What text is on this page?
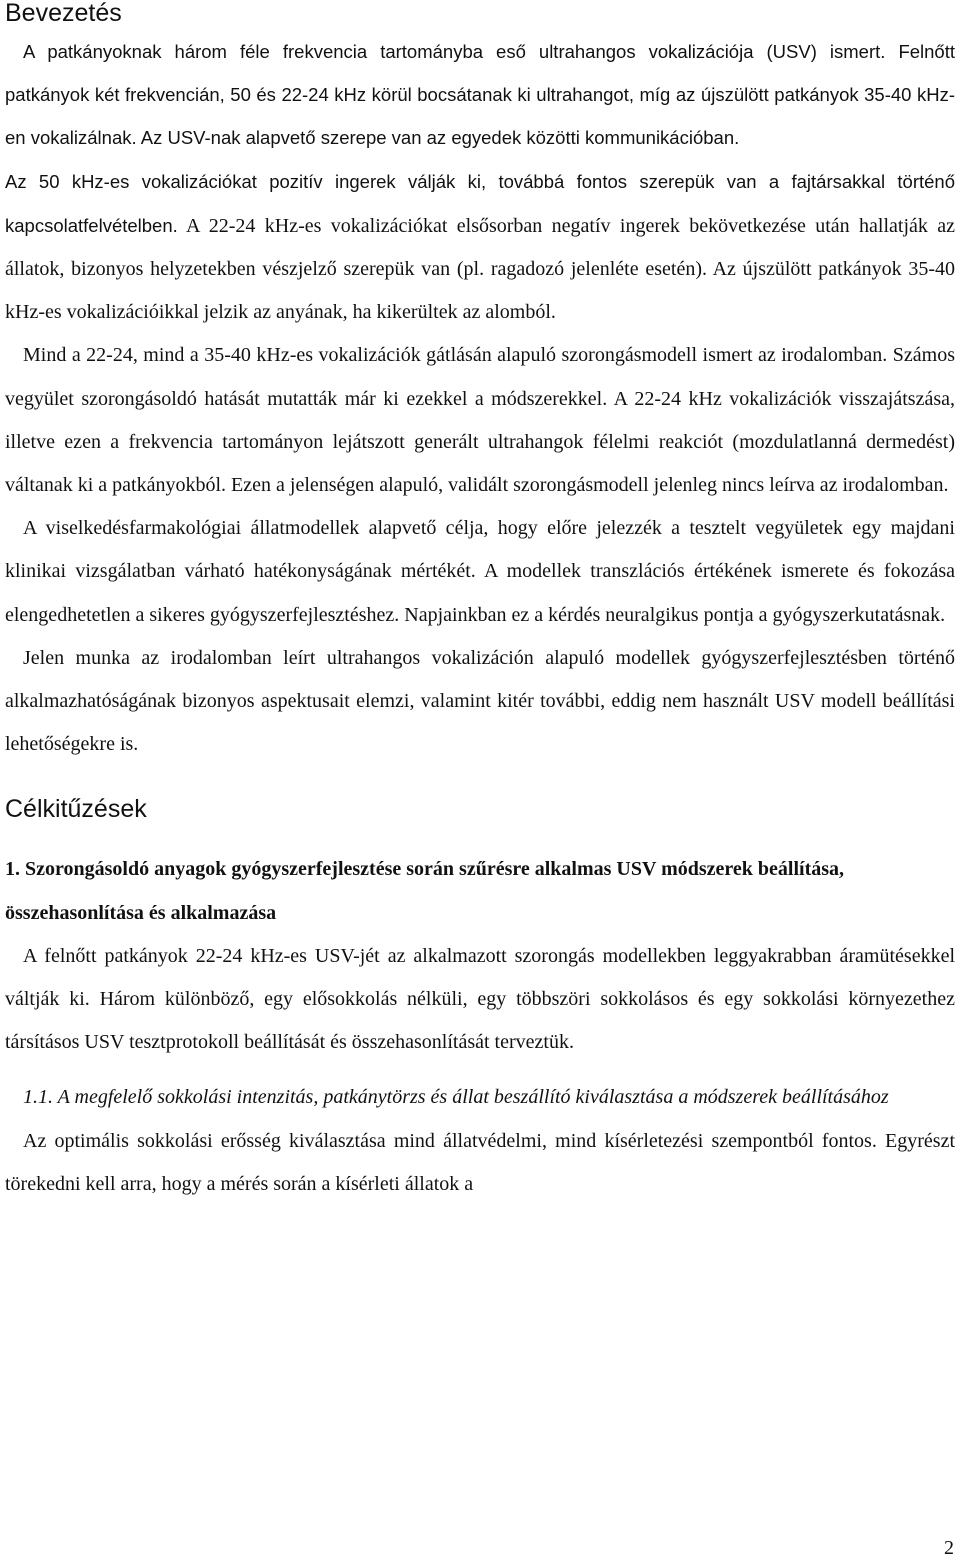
Bevezetés

A patkányoknak három féle frekvencia tartományba eső ultrahangos vokalizációja (USV) ismert. Felnőtt patkányok két frekvencián, 50 és 22-24 kHz körül bocsátanak ki ultrahangot, míg az újszülött patkányok 35-40 kHz-en vokalizálnak. Az USV-nak alapvető szerepe van az egyedek közötti kommunikációban.

Az 50 kHz-es vokalizációkat pozitív ingerek válják ki, továbbá fontos szerepük van a fajtársakkal történő kapcsolatfelvételben. A 22-24 kHz-es vokalizációkat elsősorban negatív ingerek bekövetkezése után hallatják az állatok, bizonyos helyzetekben vészjelző szerepük van (pl. ragadozó jelenléte esetén). Az újszülött patkányok 35-40 kHz-es vokalizációikkal jelzik az anyának, ha kikerültek az alomból.

Mind a 22-24, mind a 35-40 kHz-es vokalizációk gátlásán alapuló szorongásmodell ismert az irodalomban. Számos vegyület szorongásoldó hatását mutatták már ki ezekkel a módszerekkel. A 22-24 kHz vokalizációk visszajátszása, illetve ezen a frekvencia tartományon lejátszott generált ultrahangok félelmi reakciót (mozdulatlanná dermedést) váltanak ki a patkányokból. Ezen a jelenségen alapuló, validált szorongásmodell jelenleg nincs leírva az irodalomban.

A viselkedésfarmakológiai állatmodellek alapvető célja, hogy előre jelezzék a tesztelt vegyületek egy majdani klinikai vizsgálatban várható hatékonyságának mértékét. A modellek transzlációs értékének ismerete és fokozása elengedhetetlen a sikeres gyógyszerfejlesztéshez. Napjainkban ez a kérdés neuralgikus pontja a gyógyszerkutatásnak.

Jelen munka az irodalomban leírt ultrahangos vokalizáción alapuló modellek gyógyszerfejlesztésben történő alkalmazhatóságának bizonyos aspektusait elemzi, valamint kitér további, eddig nem használt USV modell beállítási lehetőségekre is.

Célkitűzések

1. Szorongásoldó anyagok gyógyszerfejlesztése során szűrésre alkalmas USV módszerek beállítása, összehasonlítása és alkalmazása

A felnőtt patkányok 22-24 kHz-es USV-jét az alkalmazott szorongás modellekben leggyakrabban áramütésekkel váltják ki. Három különböző, egy elősokkolás nélküli, egy többszöri sokkolásos és egy sokkolási környezethez társításos USV tesztprotokoll beállítását és összehasonlítását terveztük.

1.1. A megfelelő sokkolási intenzitás, patkánytörzs és állat beszállító kiválasztása a módszerek beállításához

Az optimális sokkolási erősség kiválasztása mind állatvédelmi, mind kísérletezési szempontból fontos. Egyrészt törekedni kell arra, hogy a mérés során a kísérleti állatok a

2
